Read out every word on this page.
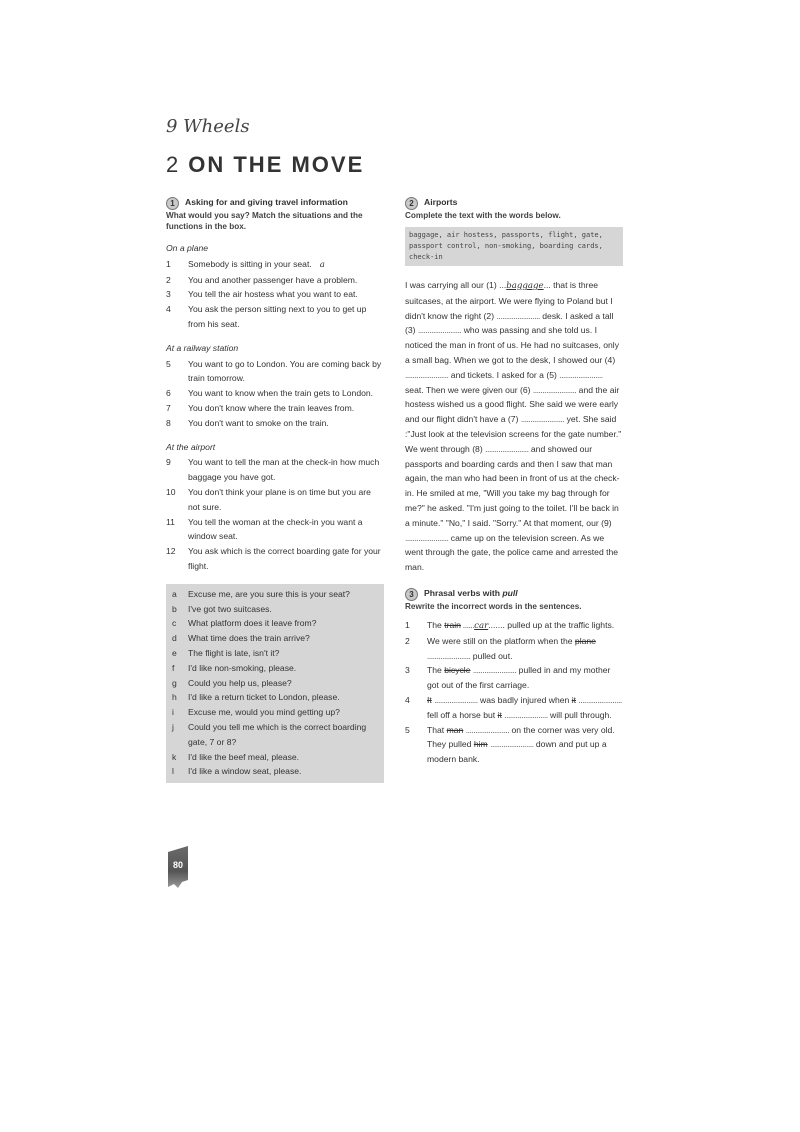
9 Wheels
2 ON THE MOVE
1	Asking for and giving travel information
What would you say? Match the situations and the functions in the box.
On a plane
1	Somebody is sitting in your seat. a
2	You and another passenger have a problem.
3	You tell the air hostess what you want to eat.
4	You ask the person sitting next to you to get up from his seat.
At a railway station
5	You want to go to London. You are coming back by train tomorrow.
6	You want to know when the train gets to London.
7	You don't know where the train leaves from.
8	You don't want to smoke on the train.
At the airport
9	You want to tell the man at the check-in how much baggage you have got.
10	You don't think your plane is on time but you are not sure.
11	You tell the woman at the check-in you want a window seat.
12	You ask which is the correct boarding gate for your flight.
a	Excuse me, are you sure this is your seat?
b	I've got two suitcases.
c	What platform does it leave from?
d	What time does the train arrive?
e	The flight is late, isn't it?
f	I'd like non-smoking, please.
g	Could you help us, please?
h	I'd like a return ticket to London, please.
i	Excuse me, would you mind getting up?
j	Could you tell me which is the correct boarding gate, 7 or 8?
k	I'd like the beef meal, please.
l	I'd like a window seat, please.
2	Airports
Complete the text with the words below.
baggage, air hostess, passports, flight, gate, passport control, non-smoking, boarding cards, check-in

I was carrying all our (1) ...baggage... that is three suitcases, at the airport. We were flying to Poland but I didn't know the right (2) ....................... desk. I asked a tall (3) ....................... who was passing and she told us. I noticed the man in front of us. He had no suitcases, only a small bag. When we got to the desk, I showed our (4) ....................... and tickets. I asked for a (5) ....................... seat. Then we were given our (6) ....................... and the air hostess wished us a good flight. She said we were early and our flight didn't have a (7) ....................... yet. She said :"Just look at the television screens for the gate number." We went through (8) ....................... and showed our passports and boarding cards and then I saw that man again, the man who had been in front of us at the check-in. He smiled at me, "Will you take my bag through for me?" he asked. "I'm just going to the toilet. I'll be back in a minute." "No," I said. "Sorry." At that moment, our (9) ....................... came up on the television screen. As we went through the gate, the police came and arrested the man.

3	Phrasal verbs with pull
Rewrite the incorrect words in the sentences.
1	The train ......car....... pulled up at the traffic lights.
2	We were still on the platform when the plane ....................... pulled out.
3	The bicycle ....................... pulled in and my mother got out of the first carriage.
4	It ....................... was badly injured when it ....................... fell off a horse but it ....................... will pull through.
5	That man ....................... on the corner was very old. They pulled him ....................... down and put up a modern bank.
80
